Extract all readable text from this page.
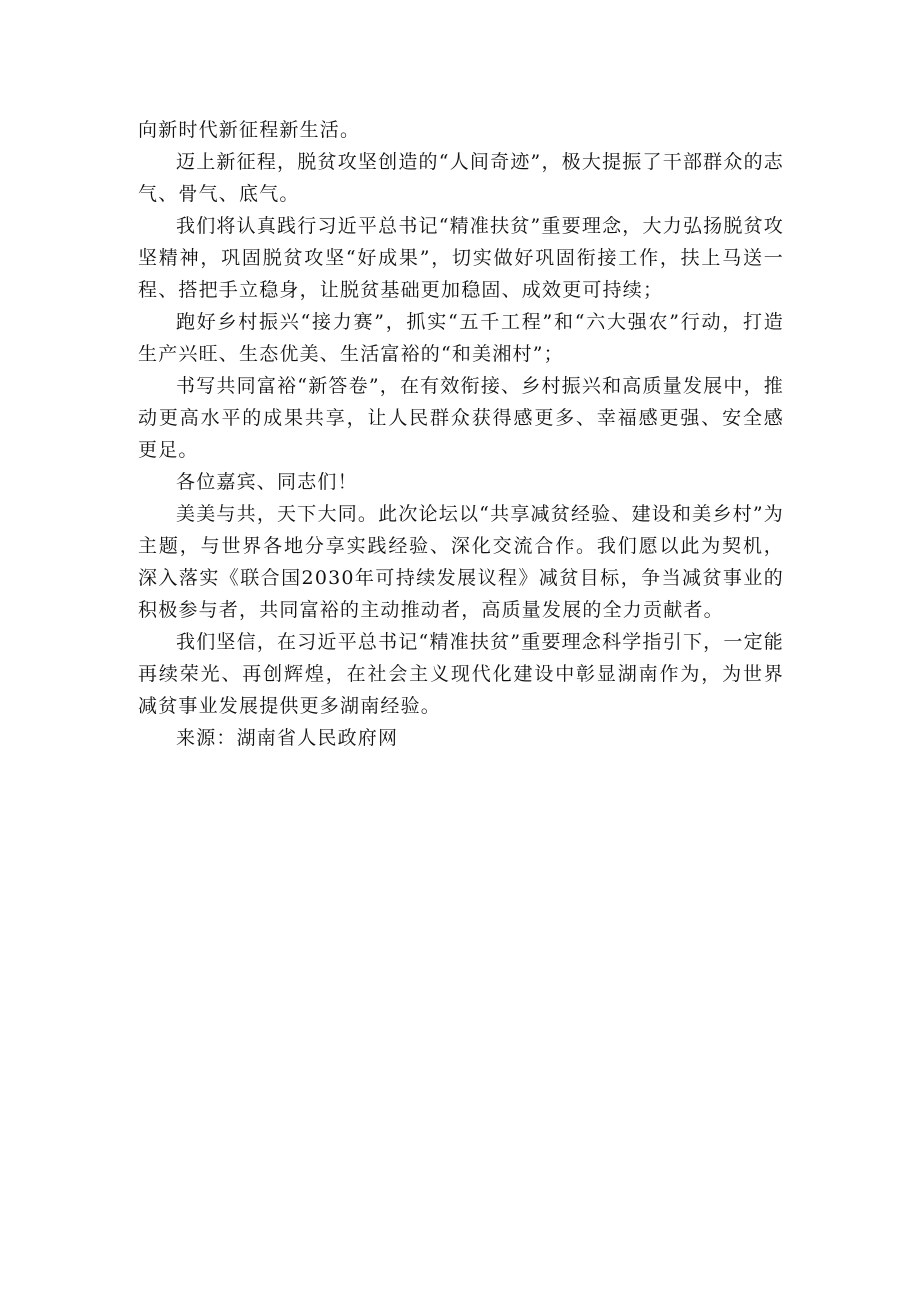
向新时代新征程新生活。

迈上新征程，脱贫攻坚创造的“人间奇迹”，极大提振了干部群众的志气、骨气、底气。

我们将认真践行习近平总书记“精准扶贫”重要理念，大力弘扬脱贫攻坚精神，巩固脱贫攻坚“好成果”，切实做好巩固衔接工作，扶上马送一程、搭把手立稳身，让脱贫基础更加稳固、成效更可持续；

跑好乡村振兴“接力赛”，抓实“五千工程”和“六大强农”行动，打造生产兴旺、生态优美、生活富裕的“和美湘村”；

书写共同富裕“新答卷”，在有效衔接、乡村振兴和高质量发展中，推动更高水平的成果共享，让人民群众获得感更多、幸福感更强、安全感更足。

各位嘉宾、同志们！

美美与共，天下大同。此次论坛以“共享减贫经验、建设和美乡村”为主题，与世界各地分享实践经验、深化交流合作。我们愿以此为契机，深入落实《联合国2030年可持续发展议程》减贫目标，争当减贫事业的积极参与者，共同富裕的主动推动者，高质量发展的全力贡献者。

我们坚信，在习近平总书记“精准扶贫”重要理念科学指引下，一定能再续荣光、再创辉煌，在社会主义现代化建设中彰显湖南作为，为世界减贫事业发展提供更多湖南经验。

来源：湖南省人民政府网
